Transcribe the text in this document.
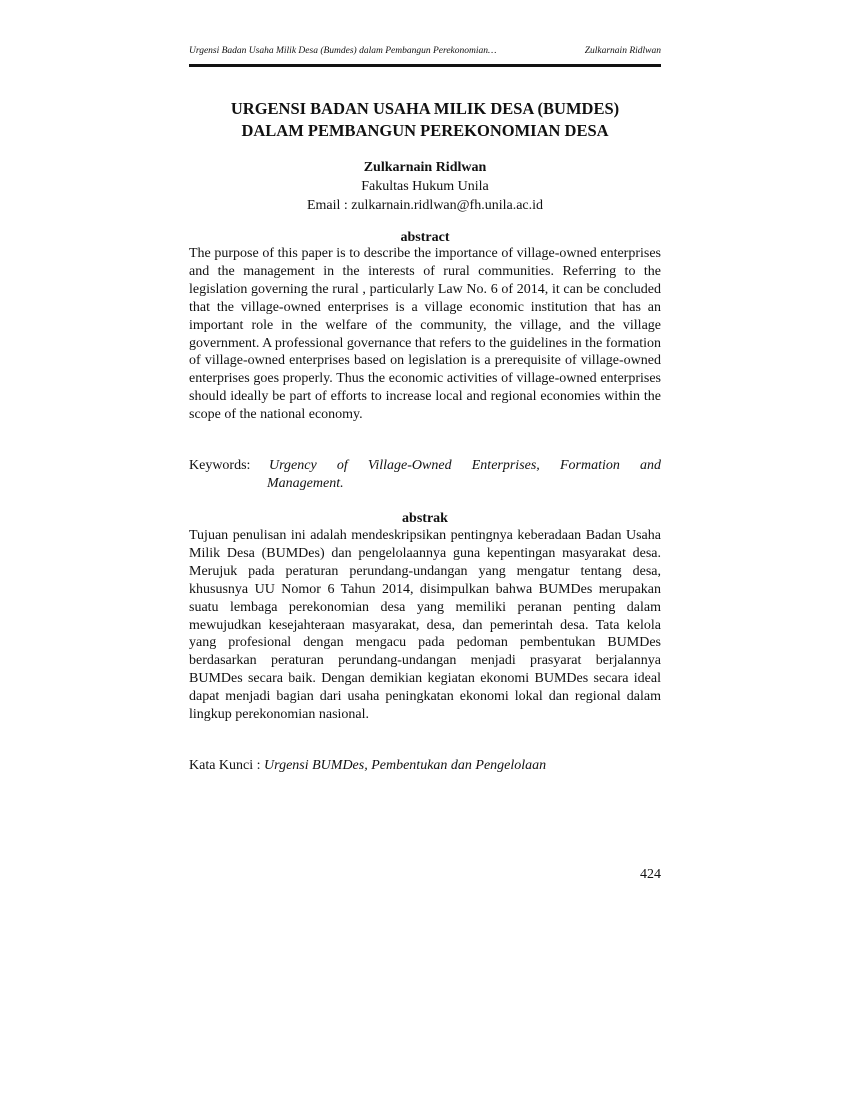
Urgensi Badan Usaha Milik Desa (Bumdes) dalam Pembangun Perekonomian…	Zulkarnain Ridlwan
URGENSI BADAN USAHA MILIK DESA (BUMDES)
DALAM PEMBANGUN PEREKONOMIAN DESA
Zulkarnain Ridlwan
Fakultas Hukum Unila
Email : zulkarnain.ridlwan@fh.unila.ac.id
abstract
The purpose of this paper is to describe the importance of village-owned enterprises and the management in the interests of rural communities. Referring to the legislation governing the rural , particularly Law No. 6 of 2014, it can be concluded that the village-owned enterprises is a village economic institution that has an important role in the welfare of the community, the village, and the village government. A professional governance that refers to the guidelines in the formation of village-owned enterprises based on legislation is a prerequisite of village-owned enterprises goes properly. Thus the economic activities of village-owned enterprises should ideally be part of efforts to increase local and regional economies within the scope of the national economy.
Keywords:	Urgency of Village-Owned Enterprises, Formation and
Management.
abstrak
Tujuan penulisan ini adalah mendeskripsikan pentingnya keberadaan Badan Usaha Milik Desa (BUMDes) dan pengelolaannya guna kepentingan masyarakat desa. Merujuk pada peraturan perundang-undangan yang mengatur tentang desa, khususnya UU Nomor 6 Tahun 2014, disimpulkan bahwa BUMDes merupakan suatu lembaga perekonomian desa yang memiliki peranan penting dalam mewujudkan kesejahteraan masyarakat, desa, dan pemerintah desa. Tata kelola yang profesional dengan mengacu pada pedoman pembentukan BUMDes berdasarkan peraturan perundang-undangan menjadi prasyarat berjalannya BUMDes secara baik. Dengan demikian kegiatan ekonomi BUMDes secara ideal dapat menjadi bagian dari usaha peningkatan ekonomi lokal dan regional dalam lingkup perekonomian nasional.
Kata Kunci : Urgensi BUMDes, Pembentukan dan Pengelolaan
424
